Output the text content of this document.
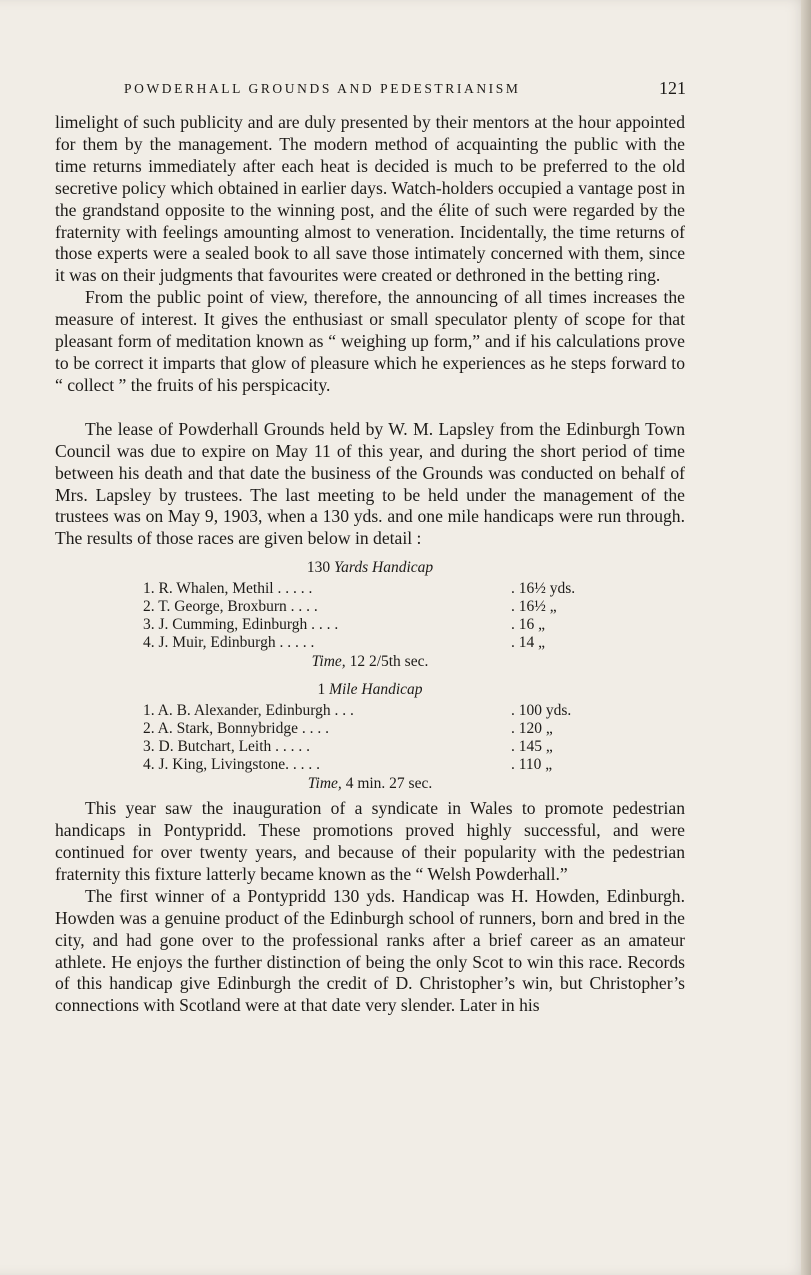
POWDERHALL GROUNDS AND PEDESTRIANISM	121

limelight of such publicity and are duly presented by their mentors at the hour appointed for them by the management. The modern method of acquainting the public with the time returns immediately after each heat is decided is much to be preferred to the old secretive policy which obtained in earlier days. Watch-holders occupied a vantage post in the grandstand opposite to the winning post, and the élite of such were regarded by the fraternity with feelings amounting almost to veneration. Incidentally, the time returns of those experts were a sealed book to all save those intimately concerned with them, since it was on their judgments that favourites were created or dethroned in the betting ring.

From the public point of view, therefore, the announcing of all times increases the measure of interest. It gives the enthusiast or small speculator plenty of scope for that pleasant form of meditation known as “ weighing up form,” and if his calculations prove to be correct it imparts that glow of pleasure which he experiences as he steps forward to “ collect ” the fruits of his perspicacity.

The lease of Powderhall Grounds held by W. M. Lapsley from the Edinburgh Town Council was due to expire on May 11 of this year, and during the short period of time between his death and that date the business of the Grounds was conducted on behalf of Mrs. Lapsley by trustees. The last meeting to be held under the management of the trustees was on May 9, 1903, when a 130 yds. and one mile handicaps were run through. The results of those races are given below in detail :

130 Yards Handicap
1. R. Whalen, Methil . . . . .	. 16½ yds.
2. T. George, Broxburn . . . .	. 16½ „
3. J. Cumming, Edinburgh . . . .	. 16 „
4. J. Muir, Edinburgh . . . . .	. 14 „
Time, 12 2/5th sec.
1 Mile Handicap
1. A. B. Alexander, Edinburgh . . .	. 100 yds.
2. A. Stark, Bonnybridge . . . .	. 120 „
3. D. Butchart, Leith . . . . .	. 145 „
4. J. King, Livingstone. . . . .	. 110 „
Time, 4 min. 27 sec.

This year saw the inauguration of a syndicate in Wales to promote pedestrian handicaps in Pontypridd. These promotions proved highly successful, and were continued for over twenty years, and because of their popularity with the pedestrian fraternity this fixture latterly became known as the “ Welsh Powderhall.”

The first winner of a Pontypridd 130 yds. Handicap was H. Howden, Edinburgh. Howden was a genuine product of the Edinburgh school of runners, born and bred in the city, and had gone over to the professional ranks after a brief career as an amateur athlete. He enjoys the further distinction of being the only Scot to win this race. Records of this handicap give Edinburgh the credit of D. Christopher’s win, but Christopher’s connections with Scotland were at that date very slender. Later in his
